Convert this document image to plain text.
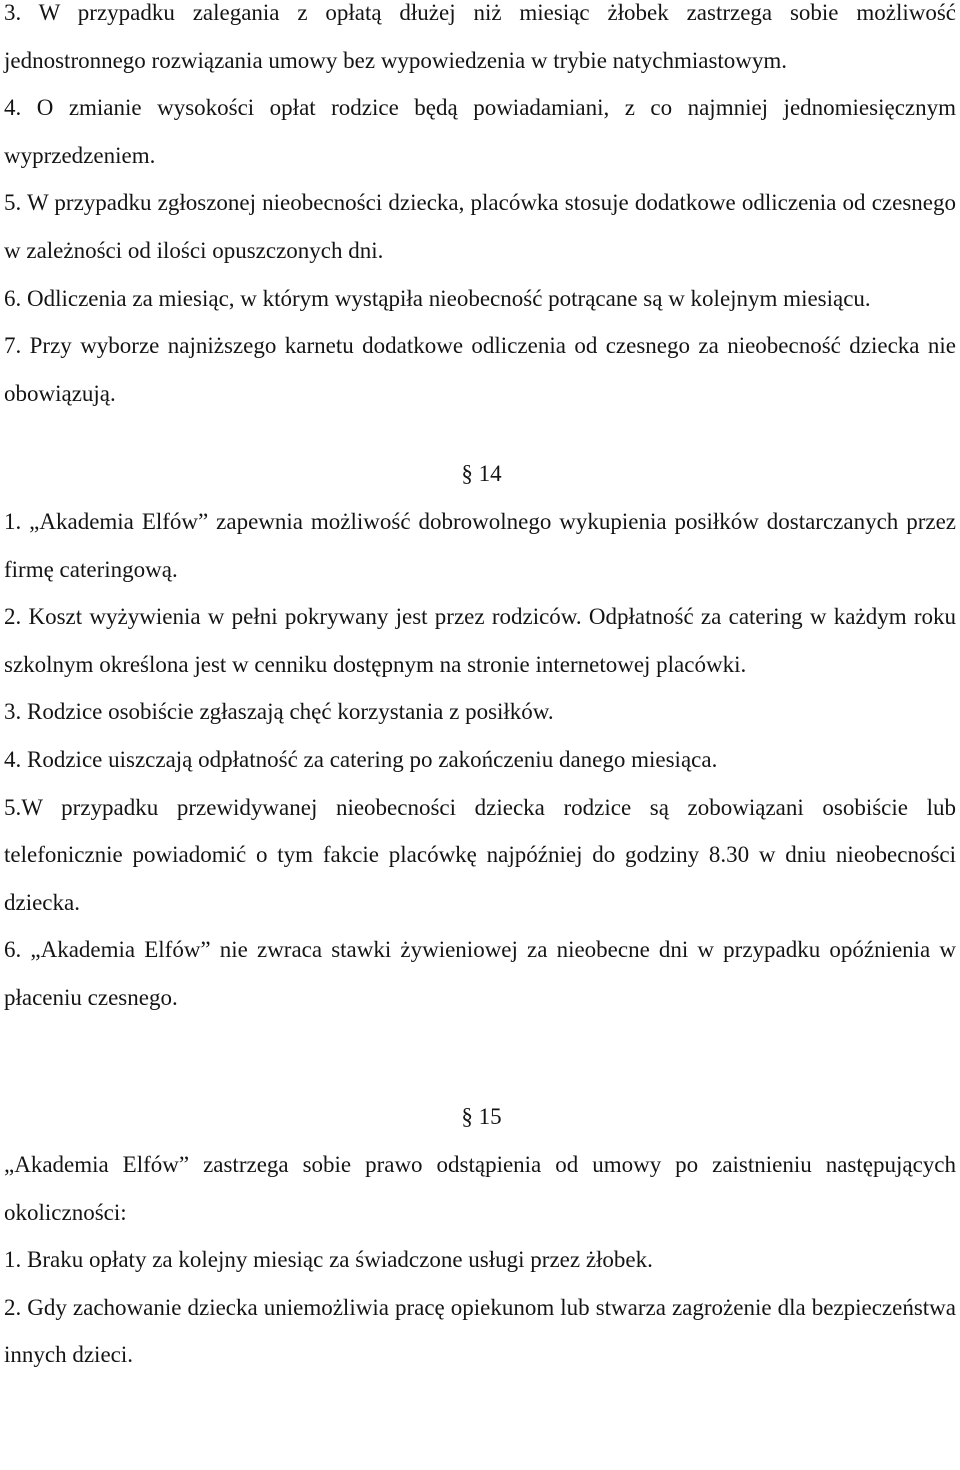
3. W przypadku zalegania z opłatą dłużej niż miesiąc żłobek zastrzega sobie możliwość jednostronnego rozwiązania umowy bez wypowiedzenia w trybie natychmiastowym.

4. O zmianie wysokości opłat rodzice będą powiadamiani, z co najmniej jednomiesięcznym wyprzedzeniem.

5. W przypadku zgłoszonej nieobecności dziecka, placówka stosuje dodatkowe odliczenia od czesnego w zależności od ilości opuszczonych dni.

6. Odliczenia za miesiąc, w którym wystąpiła nieobecność potrącane są w kolejnym miesiącu.

7. Przy wyborze najniższego karnetu dodatkowe odliczenia od czesnego za nieobecność dziecka nie obowiązują.

§ 14

1. „Akademia Elfów” zapewnia możliwość dobrowolnego wykupienia posiłków dostarczanych przez firmę cateringową.

2. Koszt wyżywienia w pełni pokrywany jest przez rodziców. Odpłatność za catering w każdym roku szkolnym określona jest w cenniku dostępnym na stronie internetowej placówki.

3. Rodzice osobiście zgłaszają chęć korzystania z posiłków.

4. Rodzice uiszczają odpłatność za catering po zakończeniu danego miesiąca.

5.W przypadku przewidywanej nieobecności dziecka rodzice są zobowiązani osobiście lub telefonicznie powiadomić o tym fakcie placówkę najpóźniej do godziny 8.30 w dniu nieobecności dziecka.

6. „Akademia Elfów” nie zwraca stawki żywieniowej za nieobecne dni w przypadku opóźnienia w płaceniu czesnego.

§ 15

„Akademia Elfów” zastrzega sobie prawo odstąpienia od umowy po zaistnieniu następujących okoliczności:

1. Braku opłaty za kolejny miesiąc za świadczone usługi przez żłobek.

2. Gdy zachowanie dziecka uniemożliwia pracę opiekunom lub stwarza zagrożenie dla bezpieczeństwa innych dzieci.
